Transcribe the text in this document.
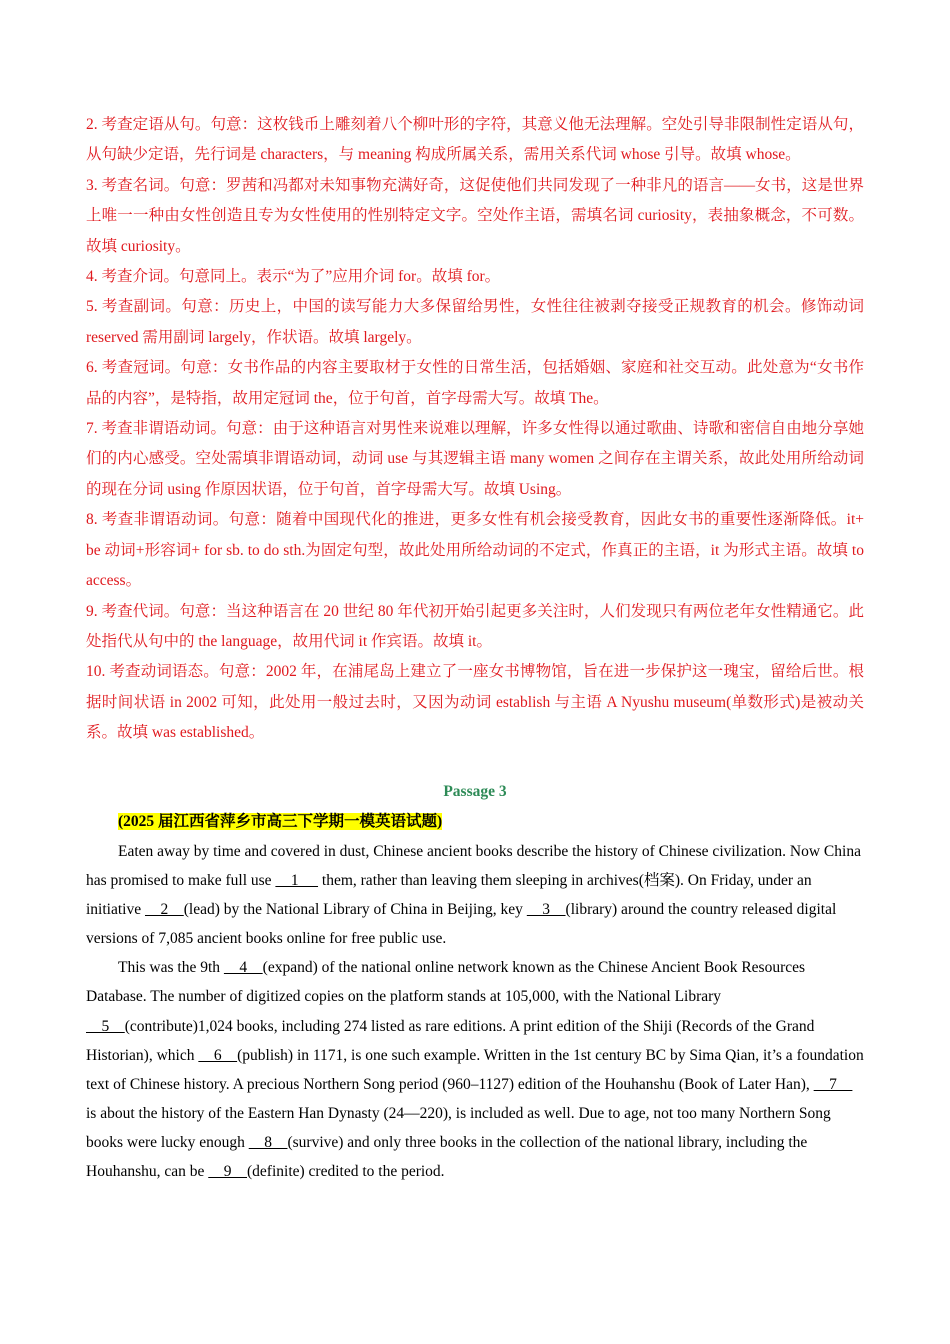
2. 考查定语从句。句意：这枚钱币上雕刻着八个柳叶形的字符，其意义他无法理解。空处引导非限制性定语从句，从句缺少定语，先行词是 characters，与 meaning 构成所属关系，需用关系代词 whose 引导。故填 whose。

3. 考查名词。句意：罗茜和冯都对未知事物充满好奇，这促使他们共同发现了一种非凡的语言——女书，这是世界上唯一一种由女性创造且专为女性使用的性别特定文字。空处作主语，需填名词 curiosity，表抽象概念，不可数。故填 curiosity。

4. 考查介词。句意同上。表示“为了”应用介词 for。故填 for。

5. 考查副词。句意：历史上，中国的读写能力大多保留给男性，女性往往被剥夺接受正规教育的机会。修饰动词 reserved 需用副词 largely，作状语。故填 largely。

6. 考查冠词。句意：女书作品的内容主要取材于女性的日常生活，包括婚姻、家庭和社交互动。此处意为“女书作品的内容”，是特指，故用定冠词 the，位于句首，首字母需大写。故填 The。

7. 考查非谓语动词。句意：由于这种语言对男性来说难以理解，许多女性得以通过歌曲、诗歌和密信自由地分享她们的内心感受。空处需填非谓语动词，动词 use 与其逻辑主语 many women 之间存在主谓关系，故此处用所给动词的现在分词 using 作原因状语，位于句首，首字母需大写。故填 Using。

8. 考查非谓语动词。句意：随着中国现代化的推进，更多女性有机会接受教育，因此女书的重要性逐渐降低。it+ be 动词+形容词+ for sb. to do sth.为固定句型，故此处用所给动词的不定式，作真正的主语，it 为形式主语。故填 to access。

9. 考查代词。句意：当这种语言在 20 世纪 80 年代初开始引起更多关注时，人们发现只有两位老年女性精通它。此处指代从句中的 the language，故用代词 it 作宾语。故填 it。

10. 考查动词语态。句意：2002 年，在浦尾岛上建立了一座女书博物馆，旨在进一步保护这一瑰宝，留给后世。根据时间状语 in 2002 可知，此处用一般过去时，又因为动词 establish 与主语 A Nyushu museum(单数形式)是被动关系。故填 was established。

Passage 3
(2025 届江西省萍乡市高三下学期一模英语试题)

Eaten away by time and covered in dust, Chinese ancient books describe the history of Chinese civilization. Now China has promised to make full use     1      them, rather than leaving them sleeping in archives(档案). On Friday, under an initiative     2    (lead) by the National Library of China in Beijing, key     3    (library) around the country released digital versions of 7,085 ancient books online for free public use.

This was the 9th     4    (expand) of the national online network known as the Chinese Ancient Book Resources Database. The number of digitized copies on the platform stands at 105,000, with the National Library     5    (contribute)1,024 books, including 274 listed as rare editions. A print edition of the Shiji (Records of the Grand Historian), which     6    (publish) in 1171, is one such example. Written in the 1st century BC by Sima Qian, it’s a foundation text of Chinese history. A precious Northern Song period (960–1127) edition of the Houhanshu (Book of Later Han),     7     is about the history of the Eastern Han Dynasty (24—220), is included as well. Due to age, not too many Northern Song books were lucky enough     8    (survive) and only three books in the collection of the national library, including the Houhanshu, can be     9    (definite) credited to the period.
